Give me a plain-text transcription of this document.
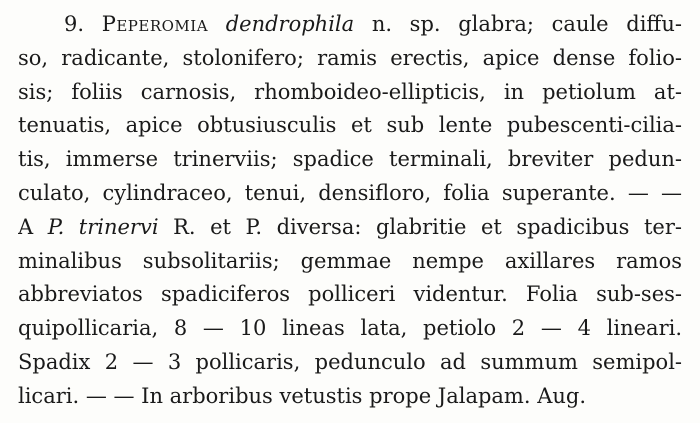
9. Peperomia dendrophila n. sp. glabra; caule diffu-
so, radicante, stolonifero; ramis erectis, apice dense folio-
sis; foliis carnosis, rhomboideo-ellipticis, in petiolum at-
tenuatis, apice obtusiusculis et sub lente pubescenti-cilia-
tis, immerse trinerviis; spadice terminali, breviter pedun-
culato, cylindraceo, tenui, densifloro, folia superante. — —
A P. trinervi R. et P. diversa: glabritie et spadicibus ter-
minalibus subsolitariis; gemmae nempe axillares ramos
abbreviatos spadiciferos polliceri videntur. Folia sub-ses-
quipollicaria, 8 — 10 lineas lata, petiolo 2 — 4 lineari.
Spadix 2 — 3 pollicaris, pedunculo ad summum semipol-
licari. — — In arboribus vetustis prope Jalapam. Aug.
